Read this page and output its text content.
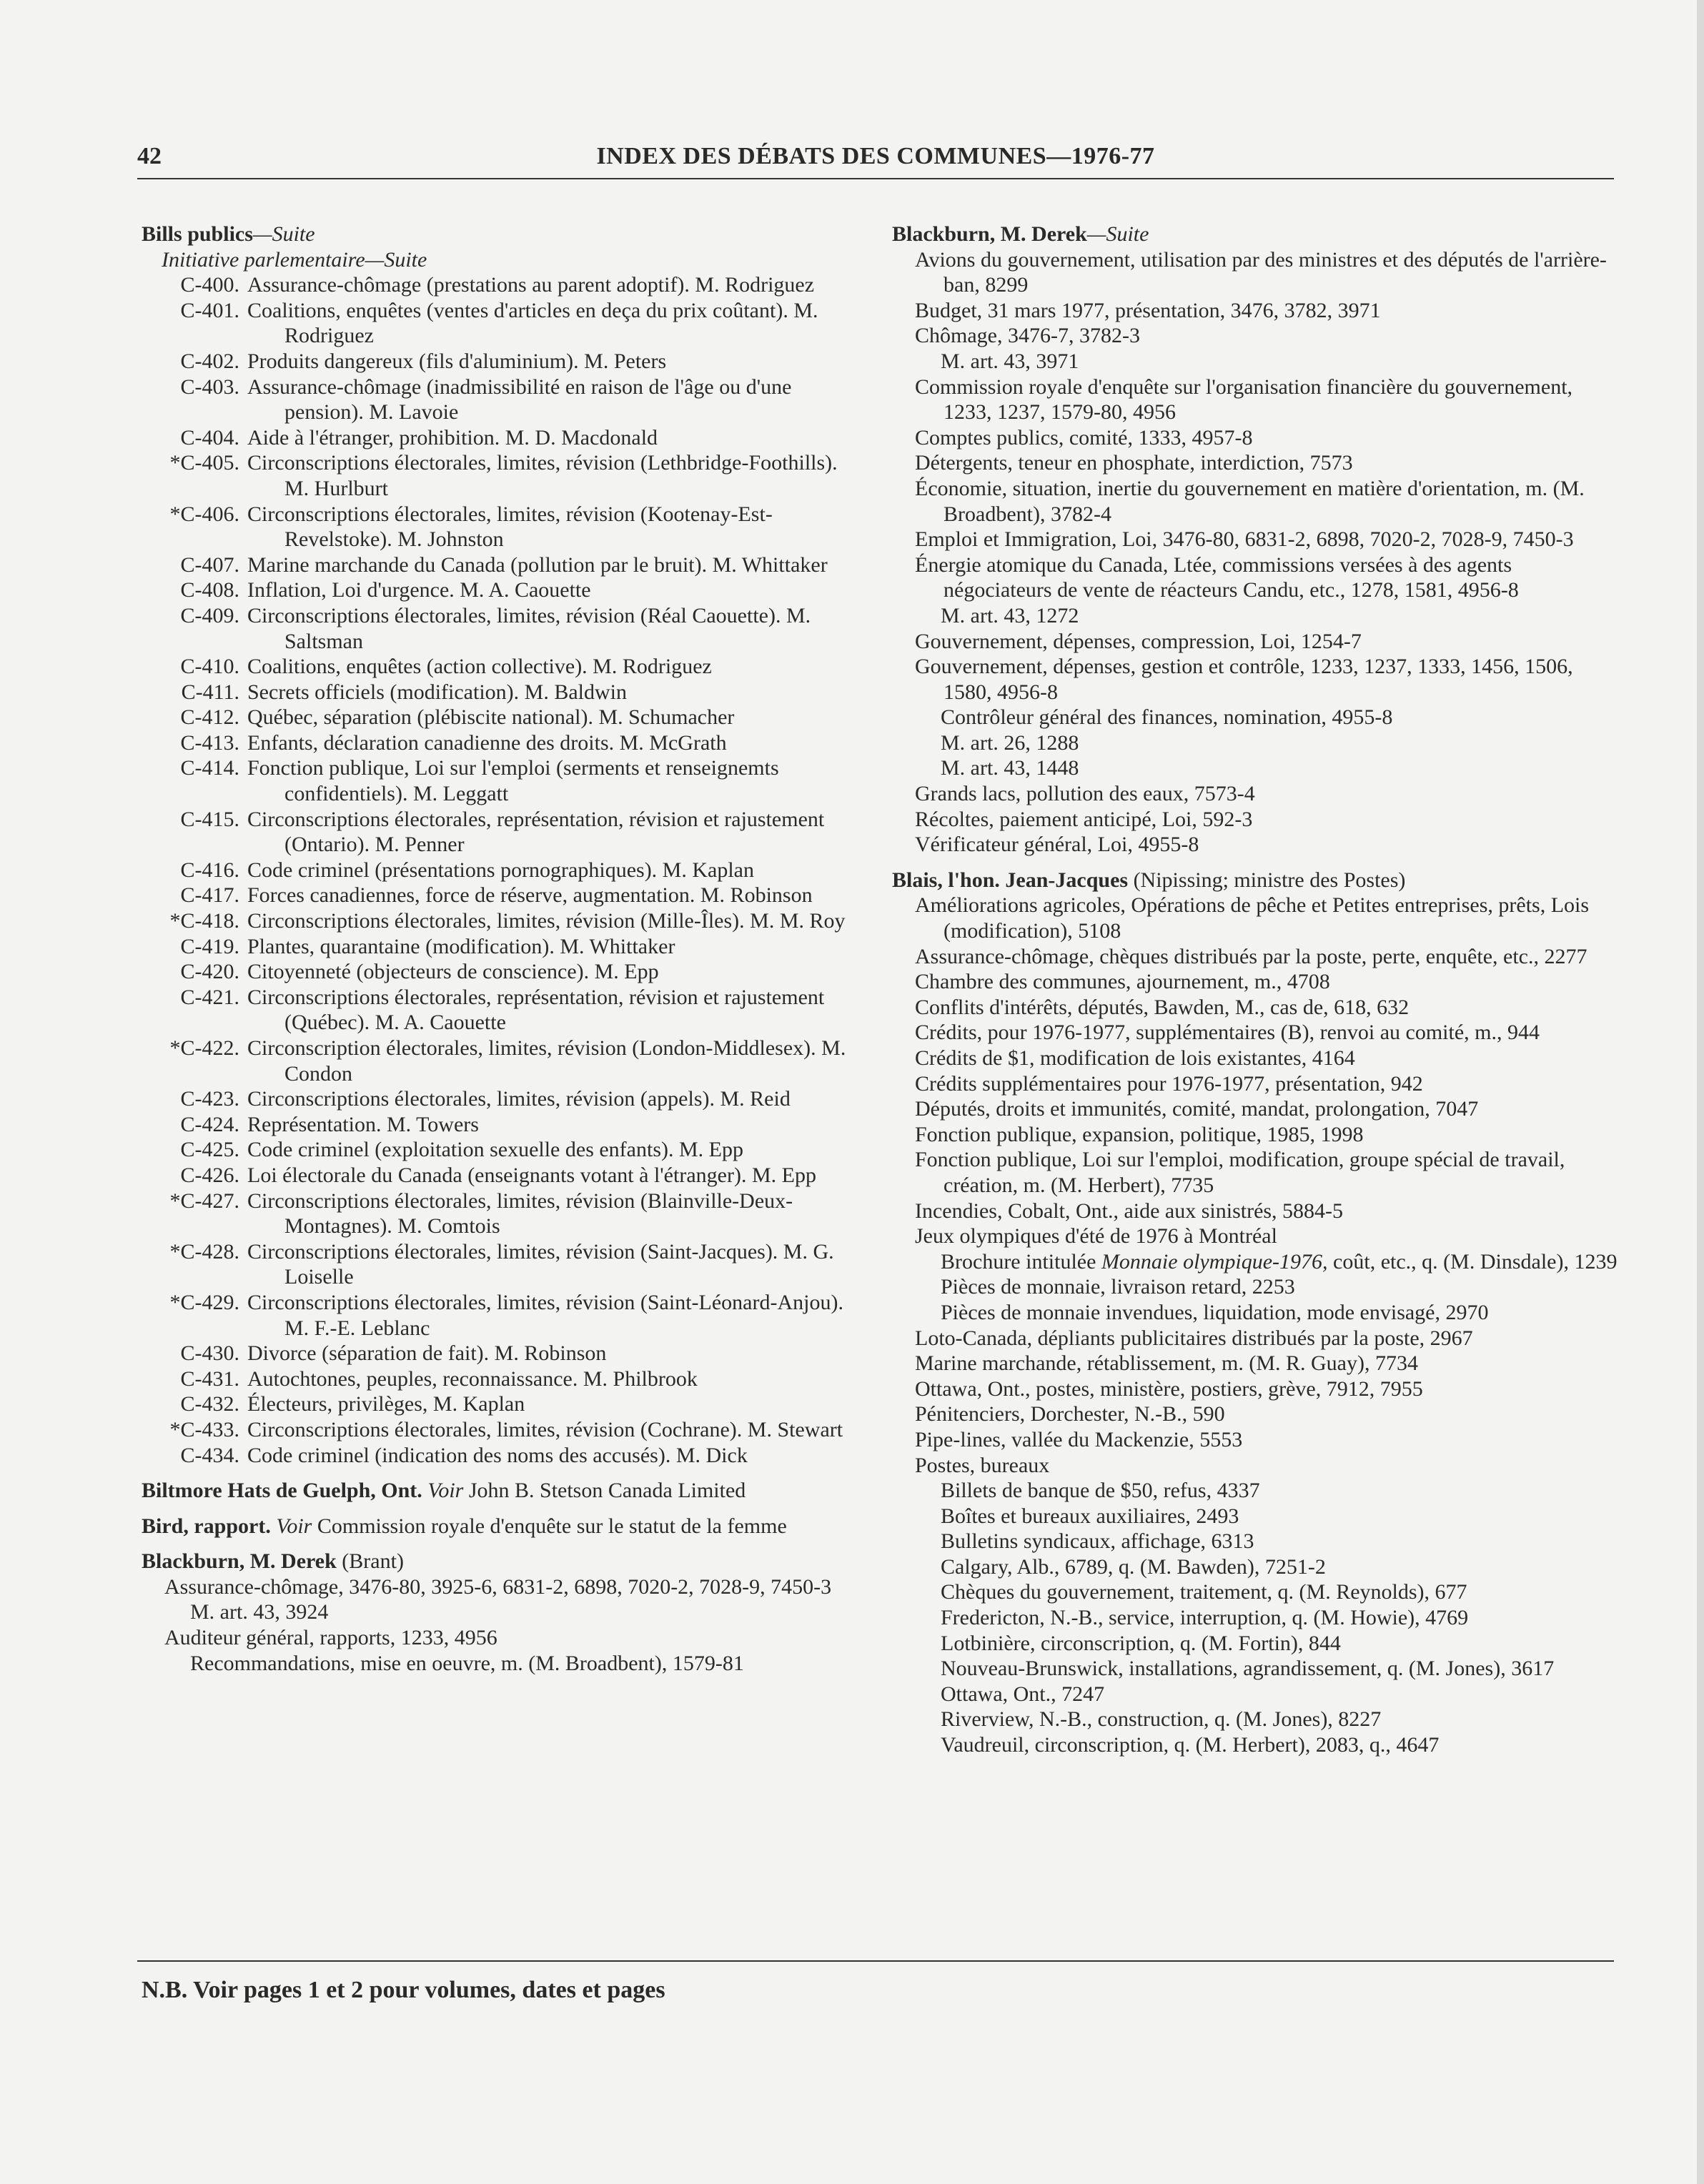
42	INDEX DES DÉBATS DES COMMUNES—1976-77
Bills publics—Suite
Initiative parlementaire—Suite
C-400. Assurance-chômage (prestations au parent adoptif). M. Rodriguez
C-401. Coalitions, enquêtes (ventes d'articles en deça du prix coûtant). M. Rodriguez
C-402. Produits dangereux (fils d'aluminium). M. Peters
C-403. Assurance-chômage (inadmissibilité en raison de l'âge ou d'une pension). M. Lavoie
C-404. Aide à l'étranger, prohibition. M. D. Macdonald
*C-405. Circonscriptions électorales, limites, révision (Lethbridge-Foothills). M. Hurlburt
*C-406. Circonscriptions électorales, limites, révision (Kootenay-Est-Revelstoke). M. Johnston
C-407. Marine marchande du Canada (pollution par le bruit). M. Whittaker
C-408. Inflation, Loi d'urgence. M. A. Caouette
C-409. Circonscriptions électorales, limites, révision (Réal Caouette). M. Saltsman
C-410. Coalitions, enquêtes (action collective). M. Rodriguez
C-411. Secrets officiels (modification). M. Baldwin
C-412. Québec, séparation (plébiscite national). M. Schumacher
C-413. Enfants, déclaration canadienne des droits. M. McGrath
C-414. Fonction publique, Loi sur l'emploi (serments et renseignemts confidentiels). M. Leggatt
C-415. Circonscriptions électorales, représentation, révision et rajustement (Ontario). M. Penner
C-416. Code criminel (présentations pornographiques). M. Kaplan
C-417. Forces canadiennes, force de réserve, augmentation. M. Robinson
*C-418. Circonscriptions électorales, limites, révision (Mille-Îles). M. M. Roy
C-419. Plantes, quarantaine (modification). M. Whittaker
C-420. Citoyenneté (objecteurs de conscience). M. Epp
C-421. Circonscriptions électorales, représentation, révision et rajustement (Québec). M. A. Caouette
*C-422. Circonscription électorales, limites, révision (London-Middlesex). M. Condon
C-423. Circonscriptions électorales, limites, révision (appels). M. Reid
C-424. Représentation. M. Towers
C-425. Code criminel (exploitation sexuelle des enfants). M. Epp
C-426. Loi électorale du Canada (enseignants votant à l'étranger). M. Epp
*C-427. Circonscriptions électorales, limites, révision (Blainville-Deux-Montagnes). M. Comtois
*C-428. Circonscriptions électorales, limites, révision (Saint-Jacques). M. G. Loiselle
*C-429. Circonscriptions électorales, limites, révision (Saint-Léonard-Anjou). M. F.-E. Leblanc
C-430. Divorce (séparation de fait). M. Robinson
C-431. Autochtones, peuples, reconnaissance. M. Philbrook
C-432. Électeurs, privilèges, M. Kaplan
*C-433. Circonscriptions électorales, limites, révision (Cochrane). M. Stewart
C-434. Code criminel (indication des noms des accusés). M. Dick
Biltmore Hats de Guelph, Ont. Voir John B. Stetson Canada Limited
Bird, rapport. Voir Commission royale d'enquête sur le statut de la femme
Blackburn, M. Derek (Brant)
Assurance-chômage, 3476-80, 3925-6, 6831-2, 6898, 7020-2, 7028-9, 7450-3
M. art. 43, 3924
Auditeur général, rapports, 1233, 4956
Recommandations, mise en oeuvre, m. (M. Broadbent), 1579-81
Blackburn, M. Derek—Suite
Avions du gouvernement, utilisation par des ministres et des députés de l'arrière-ban, 8299
Budget, 31 mars 1977, présentation, 3476, 3782, 3971
Chômage, 3476-7, 3782-3
M. art. 43, 3971
Commission royale d'enquête sur l'organisation financière du gouvernement, 1233, 1237, 1579-80, 4956
Comptes publics, comité, 1333, 4957-8
Détergents, teneur en phosphate, interdiction, 7573
Économie, situation, inertie du gouvernement en matière d'orientation, m. (M. Broadbent), 3782-4
Emploi et Immigration, Loi, 3476-80, 6831-2, 6898, 7020-2, 7028-9, 7450-3
Énergie atomique du Canada, Ltée, commissions versées à des agents négociateurs de vente de réacteurs Candu, etc., 1278, 1581, 4956-8
M. art. 43, 1272
Gouvernement, dépenses, compression, Loi, 1254-7
Gouvernement, dépenses, gestion et contrôle, 1233, 1237, 1333, 1456, 1506, 1580, 4956-8
Contrôleur général des finances, nomination, 4955-8
M. art. 26, 1288
M. art. 43, 1448
Grands lacs, pollution des eaux, 7573-4
Récoltes, paiement anticipé, Loi, 592-3
Vérificateur général, Loi, 4955-8
Blais, l'hon. Jean-Jacques (Nipissing; ministre des Postes)
Améliorations agricoles, Opérations de pêche et Petites entreprises, prêts, Lois (modification), 5108
Assurance-chômage, chèques distribués par la poste, perte, enquête, etc., 2277
Chambre des communes, ajournement, m., 4708
Conflits d'intérêts, députés, Bawden, M., cas de, 618, 632
Crédits, pour 1976-1977, supplémentaires (B), renvoi au comité, m., 944
Crédits de $1, modification de lois existantes, 4164
Crédits supplémentaires pour 1976-1977, présentation, 942
Députés, droits et immunités, comité, mandat, prolongation, 7047
Fonction publique, expansion, politique, 1985, 1998
Fonction publique, Loi sur l'emploi, modification, groupe spécial de travail, création, m. (M. Herbert), 7735
Incendies, Cobalt, Ont., aide aux sinistrés, 5884-5
Jeux olympiques d'été de 1976 à Montréal
Brochure intitulée Monnaie olympique-1976, coût, etc., q. (M. Dinsdale), 1239
Pièces de monnaie, livraison retard, 2253
Pièces de monnaie invendues, liquidation, mode envisagé, 2970
Loto-Canada, dépliants publicitaires distribués par la poste, 2967
Marine marchande, rétablissement, m. (M. R. Guay), 7734
Ottawa, Ont., postes, ministère, postiers, grève, 7912, 7955
Pénitenciers, Dorchester, N.-B., 590
Pipe-lines, vallée du Mackenzie, 5553
Postes, bureaux
Billets de banque de $50, refus, 4337
Boîtes et bureaux auxiliaires, 2493
Bulletins syndicaux, affichage, 6313
Calgary, Alb., 6789, q. (M. Bawden), 7251-2
Chèques du gouvernement, traitement, q. (M. Reynolds), 677
Fredericton, N.-B., service, interruption, q. (M. Howie), 4769
Lotbinière, circonscription, q. (M. Fortin), 844
Nouveau-Brunswick, installations, agrandissement, q. (M. Jones), 3617
Ottawa, Ont., 7247
Riverview, N.-B., construction, q. (M. Jones), 8227
Vaudreuil, circonscription, q. (M. Herbert), 2083, q., 4647
N.B. Voir pages 1 et 2 pour volumes, dates et pages
